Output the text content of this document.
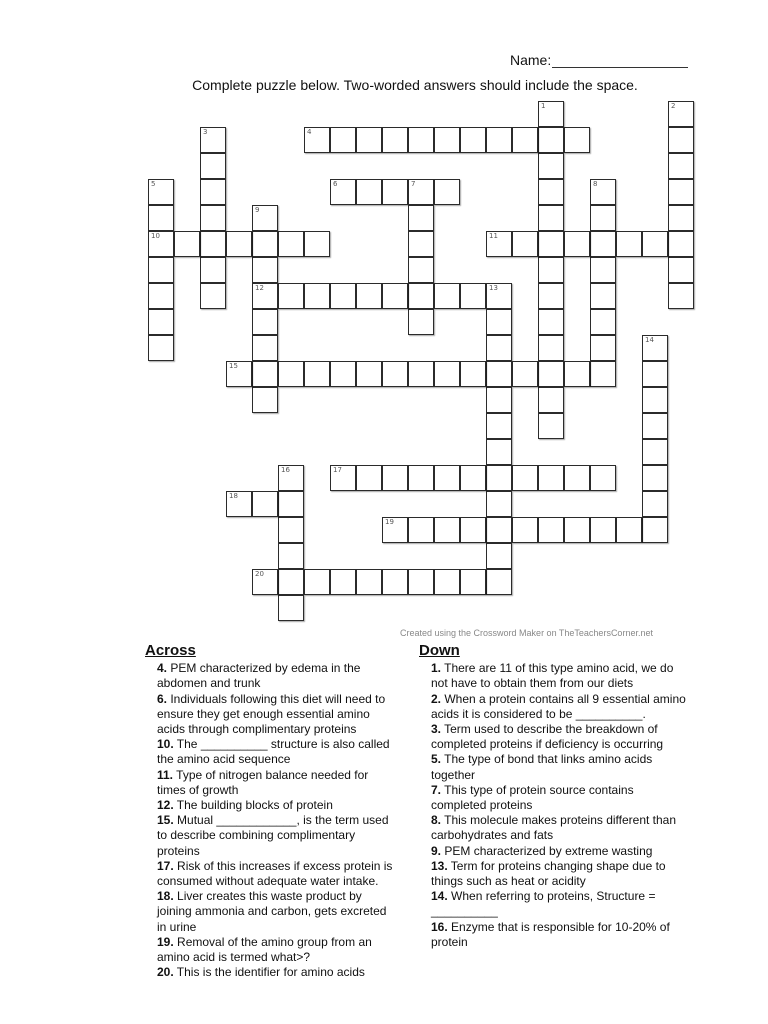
Name:
Complete puzzle below. Two-worded answers should include the space.
1	2
3	4
5
10
6	7	8
9
12
11
13
14
15
16	17
18
19
20
Created using the Crossword Maker on TheTeachersCorner.net
Across

4. PEM characterized by edema in the abdomen and trunk

6. Individuals following this diet will need to ensure they get enough essential amino acids through complimentary proteins

10. The __________ structure is also called the amino acid sequence

11. Type of nitrogen balance needed for times of growth

12. The building blocks of protein

15. Mutual ____________, is the term used to describe combining complimentary proteins

17. Risk of this increases if excess protein is consumed without adequate water intake.

18. Liver creates this waste product by joining ammonia and carbon, gets excreted in urine

19. Removal of the amino group from an amino acid is termed what>?

20. This is the identifier for amino acids

Down

1. There are 11 of this type amino acid, we do not have to obtain them from our diets

2. When a protein contains all 9 essential amino acids it is considered to be __________.

3. Term used to describe the breakdown of completed proteins if deficiency is occurring

5. The type of bond that links amino acids together

7. This type of protein source contains completed proteins

8. This molecule makes proteins different than carbohydrates and fats

9. PEM characterized by extreme wasting

13. Term for proteins changing shape due to things such as heat or acidity

14. When referring to proteins, Structure = __________

16. Enzyme that is responsible for 10-20% of protein
